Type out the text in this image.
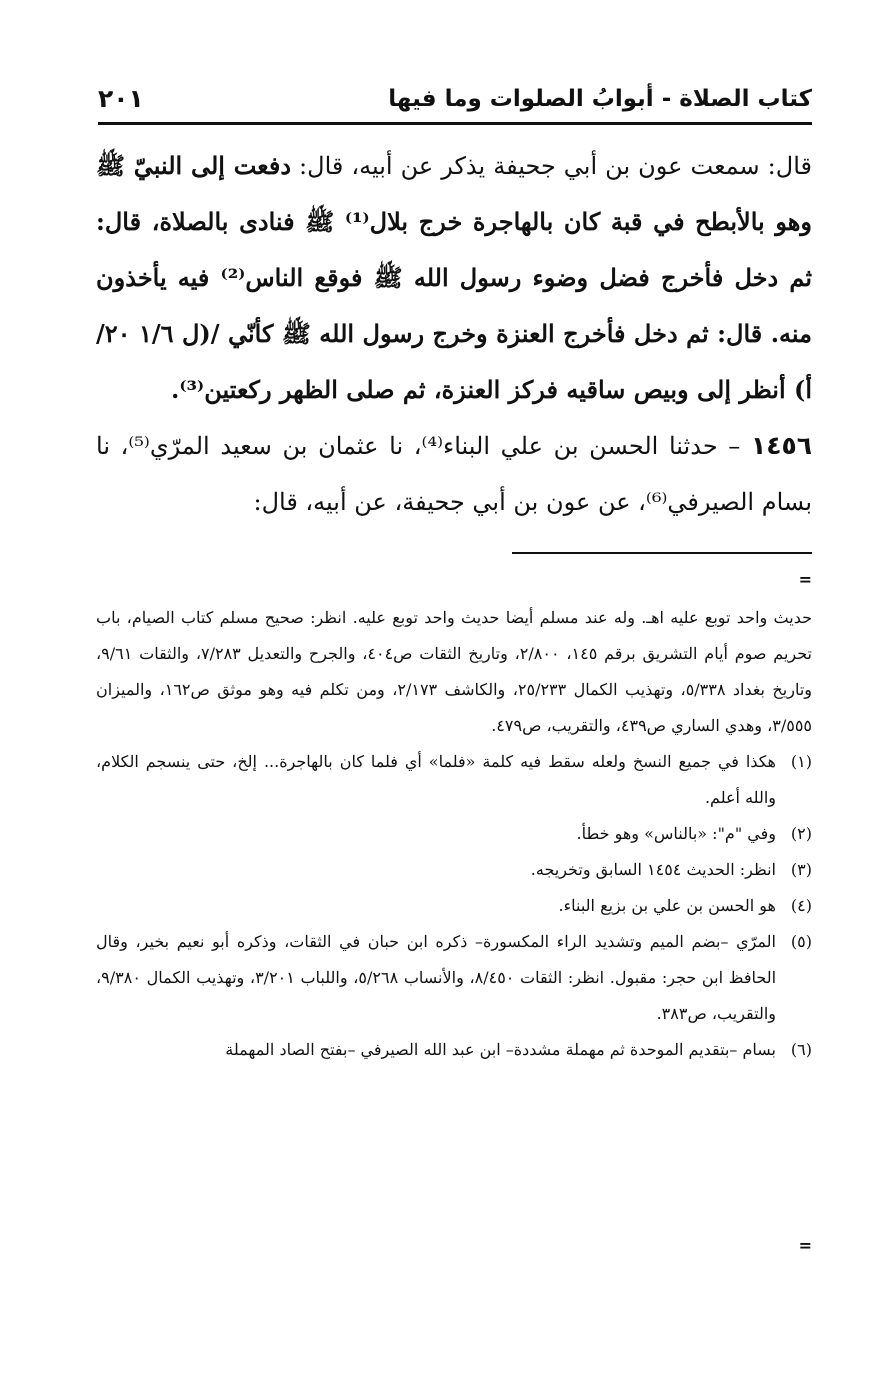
كتاب الصلاة - أبوابُ الصلوات وما فيها
٢٠١

قال: سمعت عون بن أبي جحيفة يذكر عن أبيه، قال: دفعت إلى النبيّ ﷺ وهو بالأبطح في قبة كان بالهاجرة خرج بلال⁽¹⁾ ﷺ فنادى بالصلاة، قال: ثم دخل فأخرج فضل وضوء رسول الله ﷺ فوقع الناس⁽²⁾ فيه يأخذون منه. قال: ثم دخل فأخرج العنزة وخرج رسول الله ﷺ كأنّي /(ل ١/٦ ٢٠/أ) أنظر إلى وبيص ساقيه فركز العنزة، ثم صلى الظهر ركعتين⁽³⁾.

١٤٥٦ – حدثنا الحسن بن علي البناء⁽⁴⁾، نا عثمان بن سعيد المرّي⁽⁵⁾، نا بسام الصيرفي⁽⁶⁾، عن عون بن أبي جحيفة، عن أبيه، قال:

=

حديث واحد توبع عليه اهـ. وله عند مسلم أيضا حديث واحد توبع عليه. انظر: صحيح مسلم كتاب الصيام، باب تحريم صوم أيام التشريق برقم ١٤٥، ٢/٨٠٠، وتاريخ الثقات ص٤٠٤، والجرح والتعديل ٧/٢٨٣، والثقات ٩/٦١، وتاريخ بغداد ٥/٣٣٨، وتهذيب الكمال ٢٥/٢٣٣، والكاشف ٢/١٧٣، ومن تكلم فيه وهو موثق ص١٦٢، والميزان ٣/٥٥٥، وهدي الساري ص٤٣٩، والتقريب، ص٤٧٩.

(١)
هكذا في جميع النسخ ولعله سقط فيه كلمة «فلما» أي فلما كان بالهاجرة... إلخ، حتى ينسجم الكلام، والله أعلم.
(٢)
وفي "م": «بالناس» وهو خطأ.
(٣)
انظر: الحديث ١٤٥٤ السابق وتخريجه.
(٤)
هو الحسن بن علي بن بزيع البناء.
(٥)
المرّي –بضم الميم وتشديد الراء المكسورة– ذكره ابن حبان في الثقات، وذكره أبو نعيم بخير، وقال الحافظ ابن حجر: مقبول. انظر: الثقات ٨/٤٥٠، والأنساب ٥/٢٦٨، واللباب ٣/٢٠١، وتهذيب الكمال ٩/٣٨٠، والتقريب، ص٣٨٣.
(٦)
بسام –بتقديم الموحدة ثم مهملة مشددة– ابن عبد الله الصيرفي –بفتح الصاد المهملة
=
